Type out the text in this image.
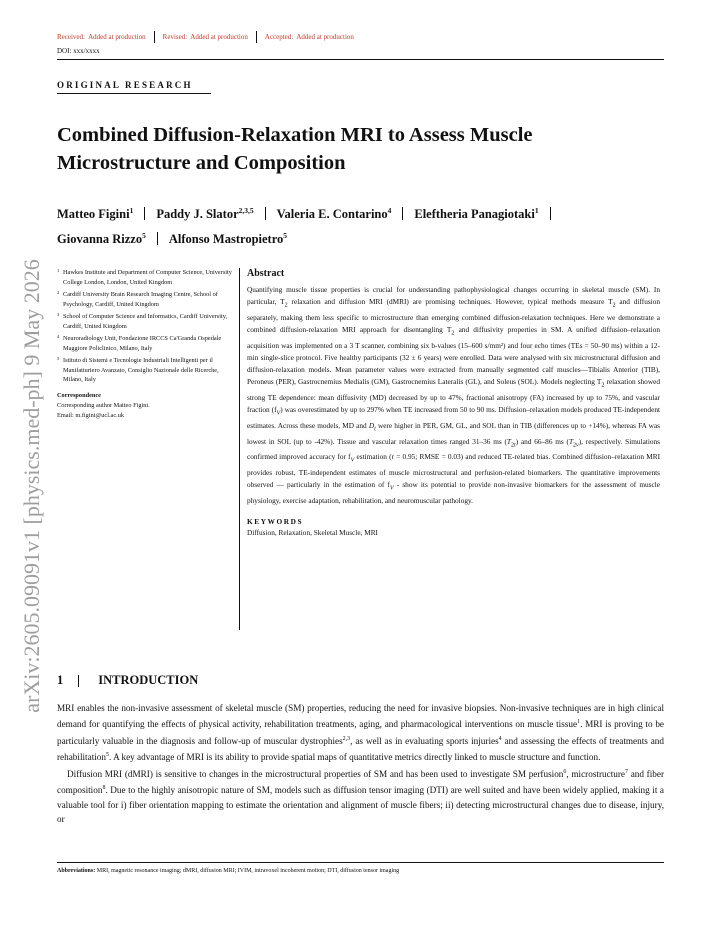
Received: Added at production	Revised: Added at production	Accepted: Added at production
DOI: xxx/xxxx
ORIGINAL RESEARCH
Combined Diffusion-Relaxation MRI to Assess Muscle Microstructure and Composition
Matteo Figini$^1$ Paddy J. Slator$^{2,3,5}$ Valeria E. Contarino$^4$ Eleftheria Panagiotaki$^1$
Giovanna Rizzo$^5$ Alfonso Mastropietro$^5$
arXiv:2605.09091v1 [physics.med-ph] 9 May 2026	1 Hawkes Institute and Department of Computer Science, University College London, London, United Kingdom
2 Cardiff University Brain Research Imaging Centre, School of Psychology, Cardiff, United Kingdom
3 School of Computer Science and Informatics, Cardiff University, Cardiff, United Kingdom
4 Neuroradiology Unit, Fondazione IRCCS Ca'Granda Ospedale Maggiore Policlinico, Milano, Italy
5 Istituto di Sistemi e Tecnologie Industriali Intelligenti per il Manifatturiero Avanzato, Consiglio Nazionale delle Ricerche, Milano, Italy
Correspondence
Corresponding author Matteo Figini.
Email: m.figini@ucl.ac.uk
Abstract

Quantifying muscle tissue properties is crucial for understanding pathophysiological changes occurring in skeletal muscle (SM). In particular, $T_2$ relaxation and diffusion MRI (dMRI) are promising techniques. However, typical methods measure $T_2$ and diffusion separately, making them less specific to microstructure than emerging combined diffusion-relaxation techniques. Here we demonstrate a combined diffusion-relaxation MRI approach for disentangling $T_2$ and diffusivity properties in SM. A unified diffusion–relaxation acquisition was implemented on a 3 T scanner, combining six b-values (15–600 s/mm²) and four echo times (TEs = 50–90 ms) within a 12-min single-slice protocol. Five healthy participants (32 ± 6 years) were enrolled. Data were analysed with six microstructural diffusion and diffusion-relaxation models. Mean parameter values were extracted from manually segmented calf muscles—Tibialis Anterior (TIB), Peroneus (PER), Gastrocnemius Medialis (GM), Gastrocnemius Lateralis (GL), and Soleus (SOL). Models neglecting $T_2$ relaxation showed strong TE dependence: mean diffusivity (MD) decreased by up to 47%, fractional anisotropy (FA) increased by up to 75%, and vascular fraction $(f_V)$ was overestimated by up to 297% when TE increased from 50 to 90 ms. Diffusion–relaxation models produced TE-independent estimates. Across these models, MD and $D_t$ were higher in PER, GM, GL, and SOL than in TIB (differences up to +14%), whereas FA was lowest in SOL (up to -42%). Tissue and vascular relaxation times ranged 31–36 ms $(T_{2t})$ and 66–86 ms $(T_{2v})$, respectively. Simulations confirmed improved accuracy for $f_V$ estimation (r = 0.95; RMSE = 0.03) and reduced TE-related bias. Combined diffusion–relaxation MRI provides robust, TE-independent estimates of muscle microstructural and perfusion-related biomarkers. The quantitative improvements observed — particularly in the estimation of $f_V$ - show its potential to provide non-invasive biomarkers for the assessment of muscle physiology, exercise adaptation, rehabilitation, and neuromuscular pathology.

KEYWORDS
Diffusion, Relaxation, Skeletal Muscle, MRI
1	INTRODUCTION

MRI enables the non-invasive assessment of skeletal muscle (SM) properties, reducing the need for invasive biopsies. Non-invasive techniques are in high clinical demand for quantifying the effects of physical activity, rehabilitation treatments, aging, and pharmacological interventions on muscle tissue$^1$. MRI is proving to be particularly valuable in the diagnosis and follow-up of muscular dystrophies$^{2,3}$, as well as in evaluating sports injuries$^4$ and assessing the effects of treatments and rehabilitation$^5$. A key advantage of MRI is its ability to provide spatial maps of quantitative metrics directly linked to muscle structure and function.

Diffusion MRI (dMRI) is sensitive to changes in the microstructural properties of SM and has been used to investigate SM perfusion$^6$, microstructure$^7$ and fiber composition$^8$. Due to the highly anisotropic nature of SM, models such as diffusion tensor imaging (DTI) are well suited and have been widely applied, making it a valuable tool for i) fiber orientation mapping to estimate the orientation and alignment of muscle fibers; ii) detecting microstructural changes due to disease, injury, or

Abbreviations: MRI, magnetic resonance imaging; dMRI, diffusion MRI; IVIM, intravoxel incoherent motion; DTI, diffusion tensor imaging
